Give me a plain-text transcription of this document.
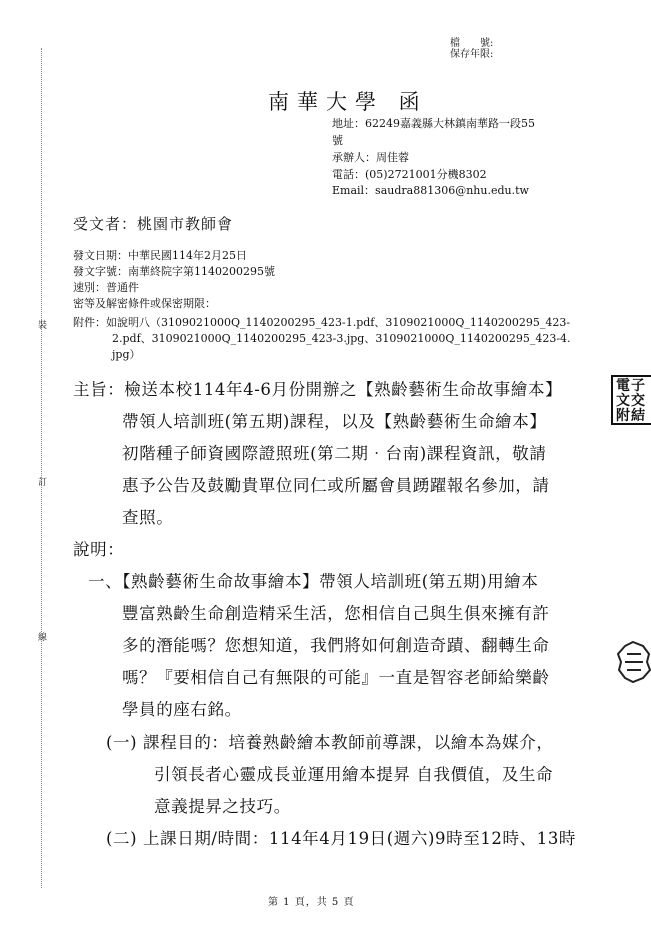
檔　　號:
保存年限:
裝
訂
線
南華大學 函
地址：62249嘉義縣大林鎮南華路一段55
號
承辦人：周佳蓉
電話：(05)2721001分機8302
Email：saudra881306@nhu.edu.tw
受文者：桃園市教師會
發文日期：中華民國114年2月25日
發文字號：南華終院字第1140200295號
速別：普通件
密等及解密條件或保密期限：
附件：如說明八（3109021000Q_1140200295_423-1.pdf、3109021000Q_1140200295_423-
2.pdf、3109021000Q_1140200295_423-3.jpg、3109021000Q_1140200295_423-4.
jpg）
主旨：檢送本校114年4-6月份開辦之【熟齡藝術生命故事繪本】
帶領人培訓班(第五期)課程，以及【熟齡藝術生命繪本】
初階種子師資國際證照班(第二期‧台南)課程資訊，敬請
惠予公告及鼓勵貴單位同仁或所屬會員踴躍報名參加，請
查照。
電子
文交
附結
說明：
一、【熟齡藝術生命故事繪本】帶領人培訓班(第五期)用繪本
豐富熟齡生命創造精采生活，您相信自己與生俱來擁有許
多的潛能嗎？您想知道，我們將如何創造奇蹟、翻轉生命
嗎？『要相信自己有無限的可能』一直是智容老師給樂齡
學員的座右銘。
(一) 課程目的：培養熟齡繪本教師前導課，以繪本為媒介，
引領長者心靈成長並運用繪本提昇 自我價值，及生命
意義提昇之技巧。
(二) 上課日期/時間：114年4月19日(週六)9時至12時、13時
第 1 頁，共 5 頁
